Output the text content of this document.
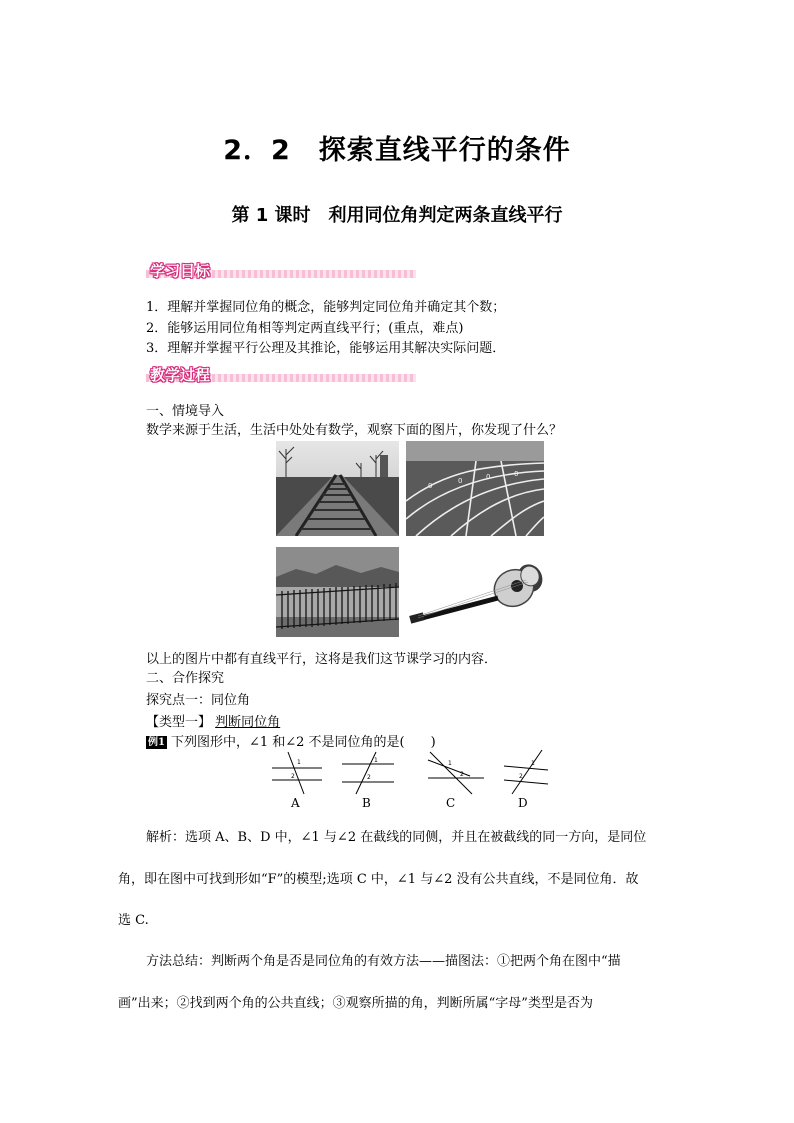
2．2　探索直线平行的条件
第 1 课时　利用同位角判定两条直线平行
学习目标
1．理解并掌握同位角的概念，能够判定同位角并确定其个数；
2．能够运用同位角相等判定两直线平行；(重点，难点)
3．理解并掌握平行公理及其推论，能够运用其解决实际问题．
教学过程
一、情境导入
数学来源于生活，生活中处处有数学，观察下面的图片，你发现了什么？
0
0	0	0
以上的图片中都有直线平行，这将是我们这节课学习的内容．
二、合作探究
探究点一：同位角
【类型一】 判断同位角
例1 下列图形中，∠1 和∠2 不是同位角的是(　　)
1
2
1
2
1
2
1
2
A	B	C	D
解析：选项 A、B、D 中，∠1 与∠2 在截线的同侧，并且在被截线的同一方向，是同位
角，即在图中可找到形如“F”的模型;选项 C 中，∠1 与∠2 没有公共直线，不是同位角．故
选 C.
方法总结：判断两个角是否是同位角的有效方法——描图法：①把两个角在图中“描
画”出来；②找到两个角的公共直线；③观察所描的角，判断所属“字母”类型是否为
